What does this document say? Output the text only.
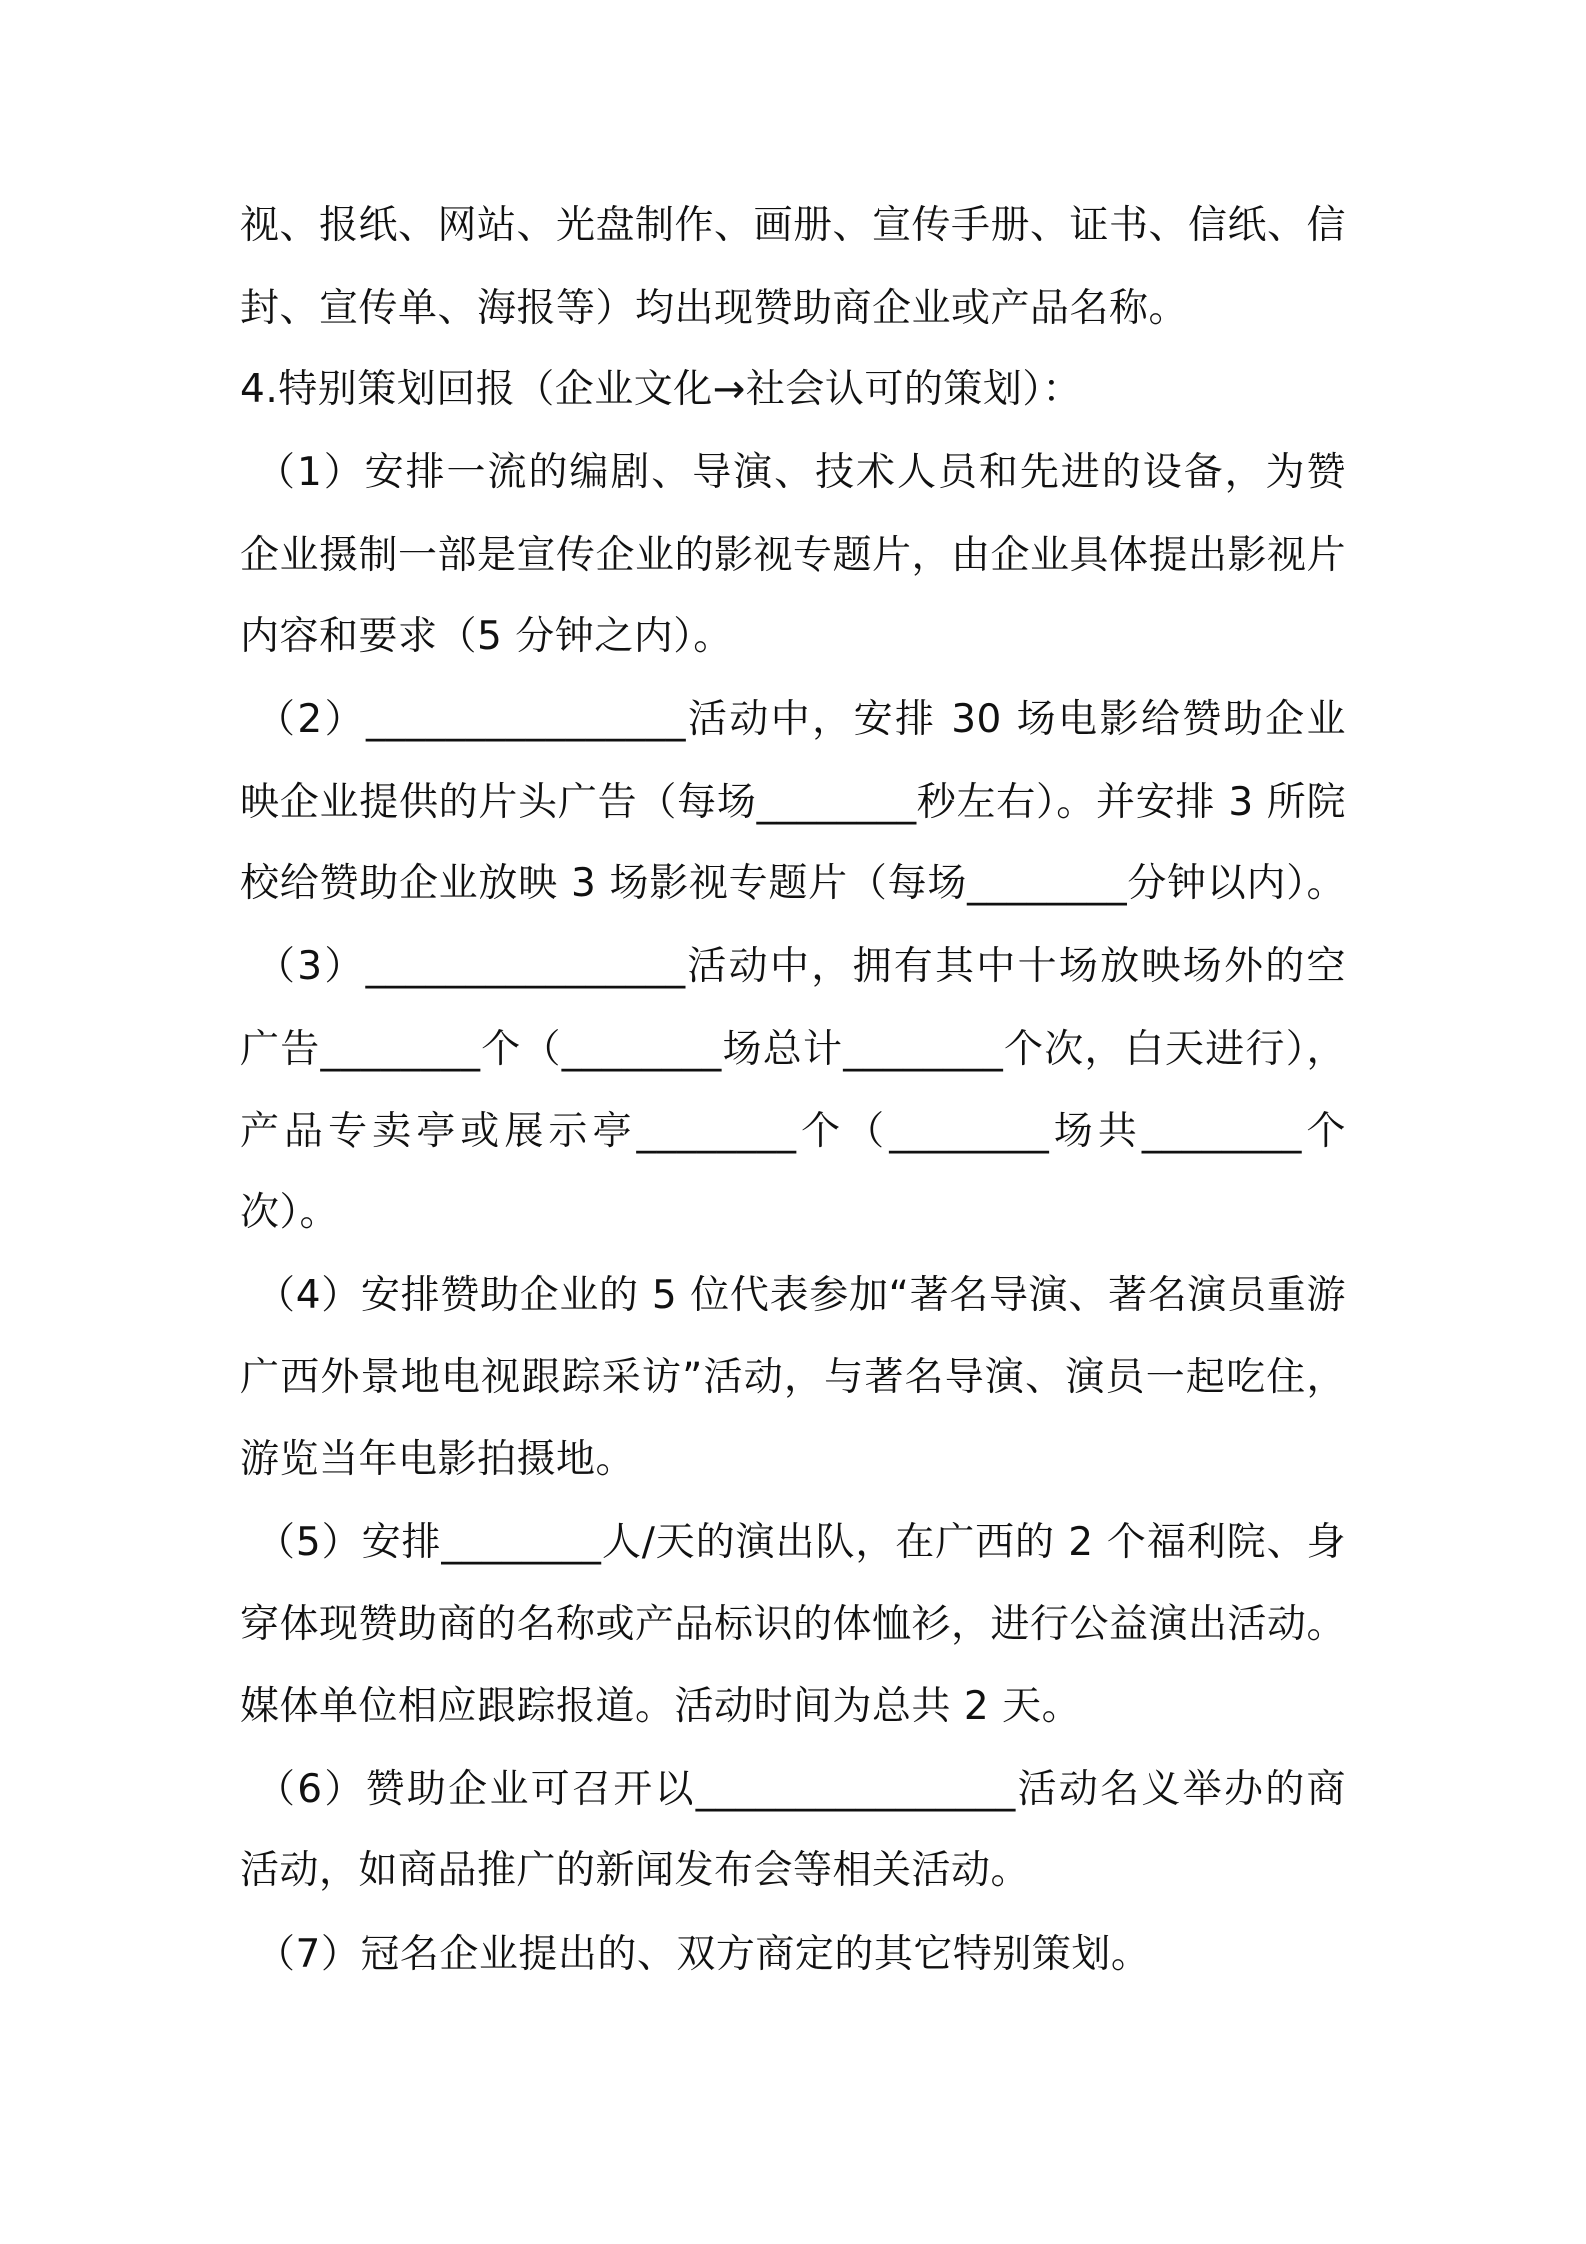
视、报纸、网站、光盘制作、画册、宣传手册、证书、信纸、信
封、宣传单、海报等）均出现赞助商企业或产品名称。
4.特别策划回报（企业文化→社会认可的策划）：
（1）安排一流的编剧、导演、技术人员和先进的设备，为赞
企业摄制一部是宣传企业的影视专题片，由企业具体提出影视片
内容和要求（5 分钟之内）。
（2）________________活动中，安排 30 场电影给赞助企业
映企业提供的片头广告（每场________秒左右）。并安排 3 所院
校给赞助企业放映 3 场影视专题片（每场________分钟以内）。
（3）________________活动中，拥有其中十场放映场外的空
广告________个（________场总计________个次，白天进行），
产品专卖亭或展示亭________个（________场共________个
次）。
（4）安排赞助企业的 5 位代表参加“著名导演、著名演员重游
广西外景地电视跟踪采访”活动，与著名导演、演员一起吃住，
游览当年电影拍摄地。
（5）安排________人/天的演出队，在广西的 2 个福利院、身
穿体现赞助商的名称或产品标识的体恤衫，进行公益演出活动。
媒体单位相应跟踪报道。活动时间为总共 2 天。
（6）赞助企业可召开以________________活动名义举办的商
活动，如商品推广的新闻发布会等相关活动。
（7）冠名企业提出的、双方商定的其它特别策划。
